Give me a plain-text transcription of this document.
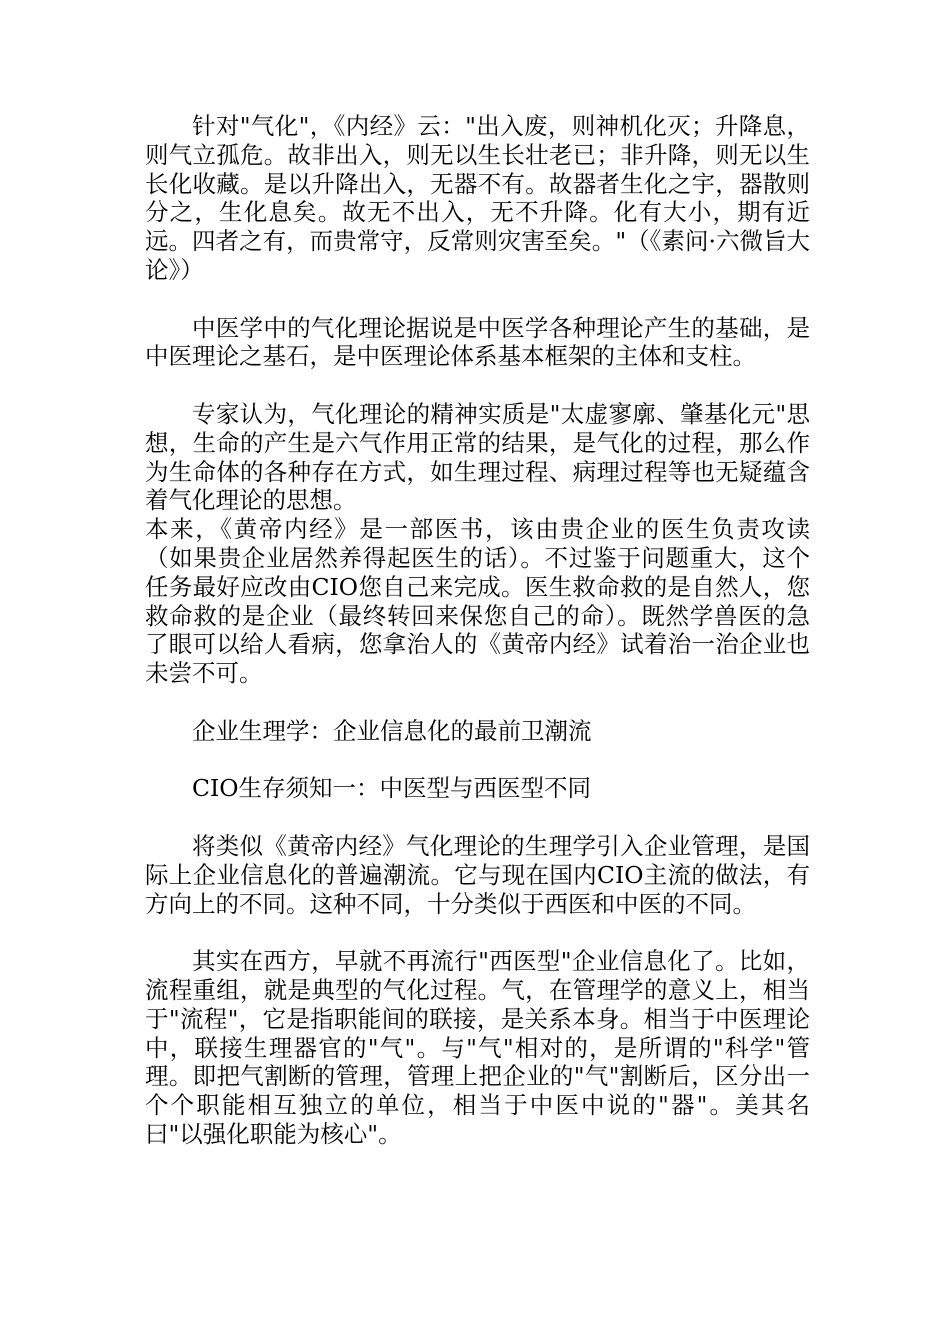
针对"气化"，《内经》云："出入废，则神机化灭；升降息，则气立孤危。故非出入，则无以生长壮老已；非升降，则无以生长化收藏。是以升降出入，无器不有。故器者生化之宇，器散则分之，生化息矣。故无不出入，无不升降。化有大小，期有近远。四者之有，而贵常守，反常则灾害至矣。"（《素问·六微旨大论》）

中医学中的气化理论据说是中医学各种理论产生的基础，是中医理论之基石，是中医理论体系基本框架的主体和支柱。

专家认为，气化理论的精神实质是"太虚寥廓、肇基化元"思想，生命的产生是六气作用正常的结果，是气化的过程，那么作为生命体的各种存在方式，如生理过程、病理过程等也无疑蕴含着气化理论的思想。

本来，《黄帝内经》是一部医书，该由贵企业的医生负责攻读（如果贵企业居然养得起医生的话）。不过鉴于问题重大，这个任务最好应改由CIO您自己来完成。医生救命救的是自然人，您救命救的是企业（最终转回来保您自己的命）。既然学兽医的急了眼可以给人看病，您拿治人的《黄帝内经》试着治一治企业也未尝不可。

企业生理学：企业信息化的最前卫潮流

CIO生存须知一：中医型与西医型不同

将类似《黄帝内经》气化理论的生理学引入企业管理，是国际上企业信息化的普遍潮流。它与现在国内CIO主流的做法，有方向上的不同。这种不同，十分类似于西医和中医的不同。

其实在西方，早就不再流行"西医型"企业信息化了。比如，流程重组，就是典型的气化过程。气，在管理学的意义上，相当于"流程"，它是指职能间的联接，是关系本身。相当于中医理论中，联接生理器官的"气"。与"气"相对的，是所谓的"科学"管理。即把气割断的管理，管理上把企业的"气"割断后，区分出一个个职能相互独立的单位，相当于中医中说的"器"。美其名曰"以强化职能为核心"。
